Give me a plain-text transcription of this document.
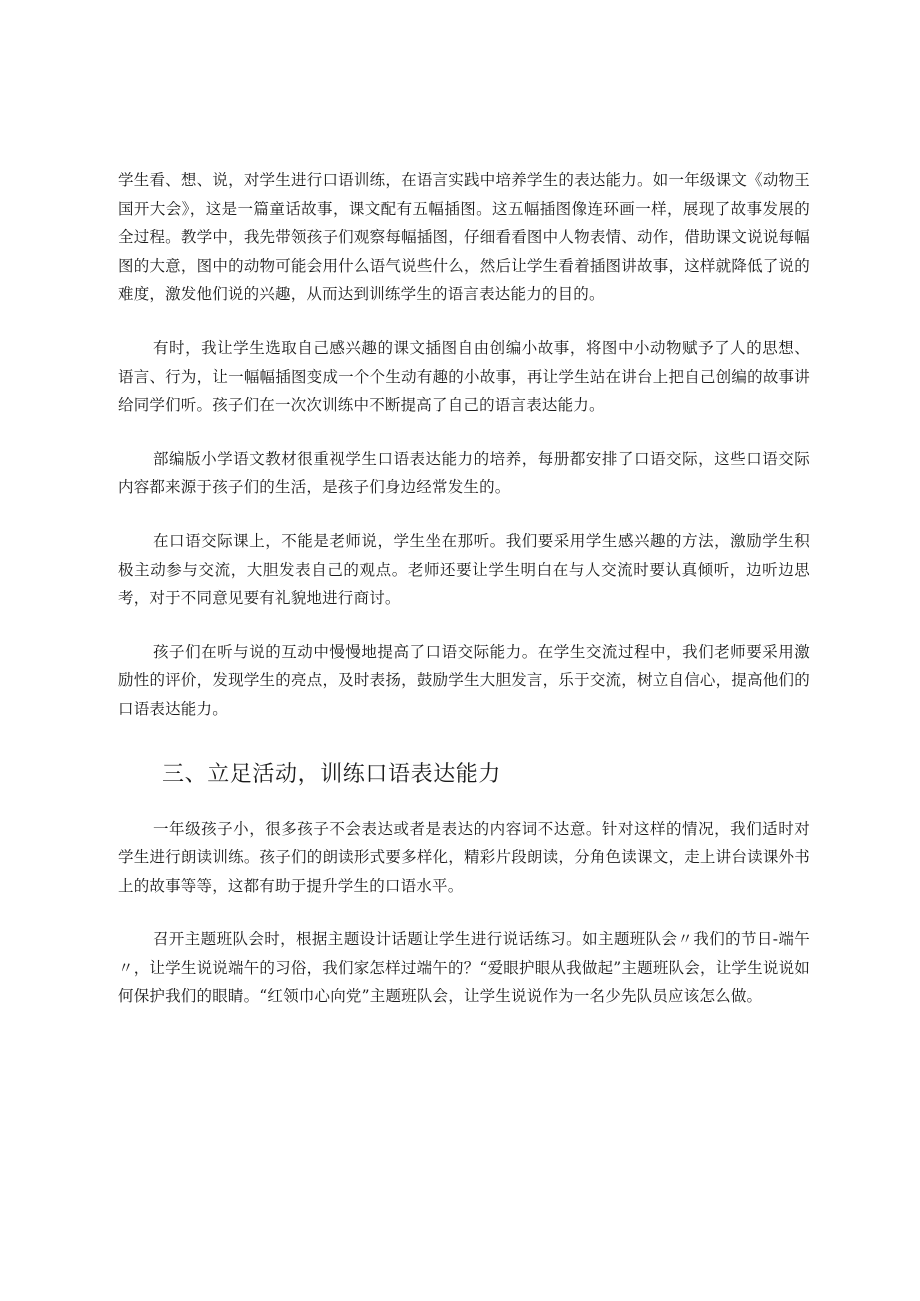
学生看、想、说，对学生进行口语训练，在语言实践中培养学生的表达能力。如一年级课文《动物王国开大会》，这是一篇童话故事，课文配有五幅插图。这五幅插图像连环画一样，展现了故事发展的全过程。教学中，我先带领孩子们观察每幅插图，仔细看看图中人物表情、动作，借助课文说说每幅图的大意，图中的动物可能会用什么语气说些什么，然后让学生看着插图讲故事，这样就降低了说的难度，激发他们说的兴趣，从而达到训练学生的语言表达能力的目的。

有时，我让学生选取自己感兴趣的课文插图自由创编小故事，将图中小动物赋予了人的思想、语言、行为，让一幅幅插图变成一个个生动有趣的小故事，再让学生站在讲台上把自己创编的故事讲给同学们听。孩子们在一次次训练中不断提高了自己的语言表达能力。

部编版小学语文教材很重视学生口语表达能力的培养，每册都安排了口语交际，这些口语交际内容都来源于孩子们的生活，是孩子们身边经常发生的。

在口语交际课上，不能是老师说，学生坐在那听。我们要采用学生感兴趣的方法，激励学生积极主动参与交流，大胆发表自己的观点。老师还要让学生明白在与人交流时要认真倾听，边听边思考，对于不同意见要有礼貌地进行商讨。

孩子们在听与说的互动中慢慢地提高了口语交际能力。在学生交流过程中，我们老师要采用激励性的评价，发现学生的亮点，及时表扬，鼓励学生大胆发言，乐于交流，树立自信心，提高他们的口语表达能力。

三、立足活动，训练口语表达能力

一年级孩子小，很多孩子不会表达或者是表达的内容词不达意。针对这样的情况，我们适时对学生进行朗读训练。孩子们的朗读形式要多样化，精彩片段朗读，分角色读课文，走上讲台读课外书上的故事等等，这都有助于提升学生的口语水平。

召开主题班队会时，根据主题设计话题让学生进行说话练习。如主题班队会〃我们的节日-端午〃，让学生说说端午的习俗，我们家怎样过端午的？“爱眼护眼从我做起”主题班队会，让学生说说如何保护我们的眼睛。“红领巾心向党”主题班队会，让学生说说作为一名少先队员应该怎么做。
